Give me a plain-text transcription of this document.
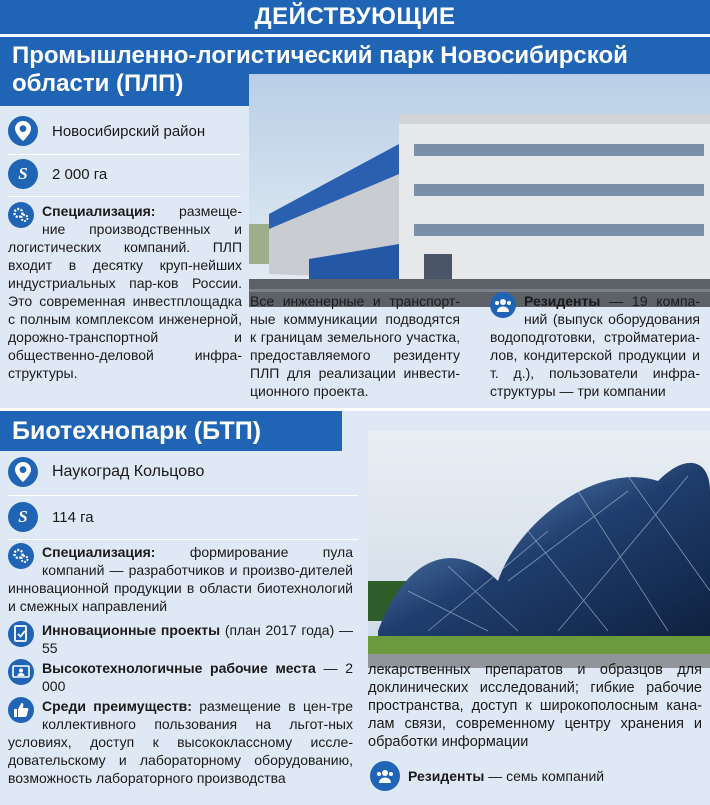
ДЕЙСТВУЮЩИЕ
Промышленно-логистический парк Новосибирской области (ПЛП)
Новосибирский район
S 2 000 га
Специализация: размеще-ние производственных и логистических компаний. ПЛП входит в десятку круп-нейших индустриальных пар-ков России. Это современная инвестплощадка с полным комплексом инженерной, дорожно-транспортной и общественно-деловой инфра-структуры.
Все инженерные и транспорт-ные коммуникации подводятся к границам земельного участка, предоставляемого резиденту ПЛП для реализации инвести-ционного проекта.
Резиденты — 19 компа-ний (выпуск оборудования водоподготовки, стройматериа-лов, кондитерской продукции и т. д.), пользователи инфра-структуры — три компании
Биотехнопарк (БТП)
Наукоград Кольцово
S 114 га
Специализация: формирование пула компаний — разработчиков и произво-дителей инновационной продукции в области биотехнологий и смежных направлений
Инновационные проекты (план 2017 года) — 55
Высокотехнологичные рабочие места — 2 000
Среди преимуществ: размещение в цен-тре коллективного пользования на льгот-ных условиях, доступ к высококлассному иссле-довательскому и лабораторному оборудованию, возможность лабораторного производства
лекарственных препаратов и образцов для доклинических исследований; гибкие рабочие пространства, доступ к широкополосным кана-лам связи, современному центру хранения и обработки информации
Резиденты — семь компаний
